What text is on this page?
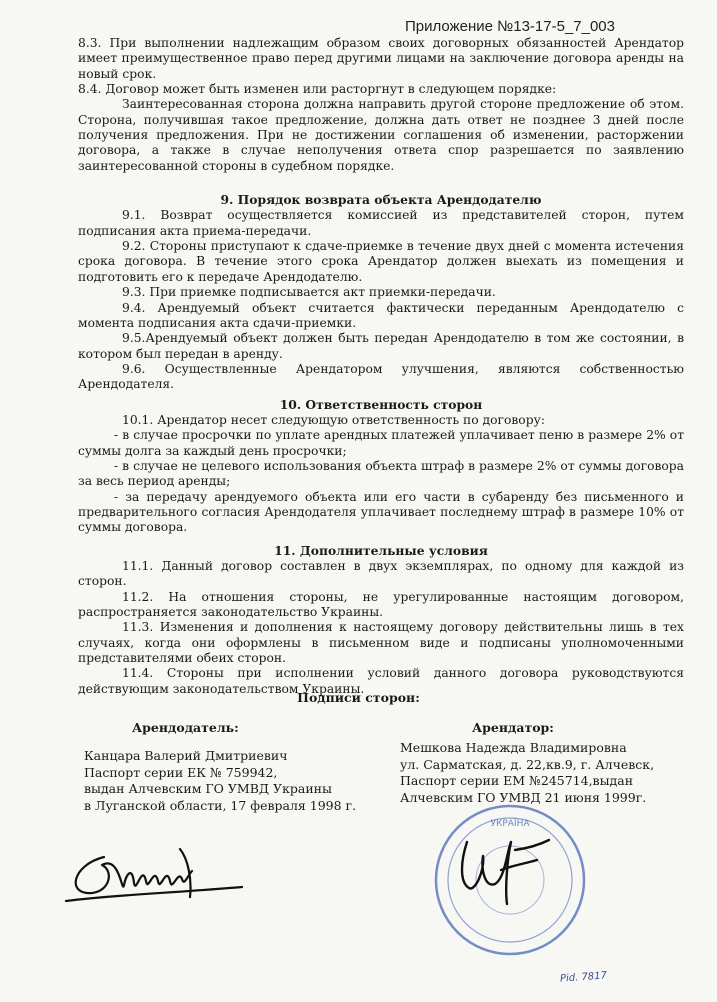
Приложение №13-17-5_7_003

8.3. При выполнении надлежащим образом своих договорных обязанностей Арендатор имеет преимущественное право перед другими лицами на заключение договора аренды на новый срок.

8.4. Договор может быть изменен или расторгнут в следующем порядке:

Заинтересованная сторона должна направить другой стороне предложение об этом. Сторона, получившая такое предложение, должна дать ответ не позднее 3 дней после получения предложения. При не достижении соглашения об изменении, расторжении договора, а также в случае неполучения ответа спор разрешается по заявлению заинтересованной стороны в судебном порядке.

9. Порядок возврата объекта Арендодателю

9.1. Возврат осуществляется комиссией из представителей сторон, путем подписания акта приема-передачи.

9.2. Стороны приступают к сдаче-приемке в течение двух дней с момента истечения срока договора. В течение этого срока Арендатор должен выехать из помещения и подготовить его к передаче Арендодателю.

9.3. При приемке подписывается акт приемки-передачи.

9.4. Арендуемый объект считается фактически переданным Арендодателю с момента подписания акта сдачи-приемки.

9.5.Арендуемый объект должен быть передан Арендодателю в том же состоянии, в котором был передан в аренду.

9.6. Осуществленные Арендатором улучшения, являются собственностью Арендодателя.

10. Ответственность сторон

10.1. Арендатор несет следующую ответственность по договору:

- в случае просрочки по уплате арендных платежей уплачивает пеню в размере 2% от суммы долга за каждый день просрочки;

- в случае не целевого использования объекта штраф в размере 2% от суммы договора за весь период аренды;

- за передачу арендуемого объекта или его части в субаренду без письменного и предварительного согласия Арендодателя уплачивает последнему штраф в размере 10% от суммы договора.

11. Дополнительные условия

11.1. Данный договор составлен в двух экземплярах, по одному для каждой из сторон.

11.2. На отношения стороны, не урегулированные настоящим договором, распространяется законодательство Украины.

11.3. Изменения и дополнения к настоящему договору действительны лишь в тех случаях, когда они оформлены в письменном виде и подписаны уполномоченными представителями обеих сторон.

11.4. Стороны при исполнении условий данного договора руководствуются действующим законодательством Украины.

Подписи сторон:
Арендодатель:	Арендатор:
Канцара Валерий Дмитриевич
Паспорт серии ЕК № 759942,
выдан Алчевским ГО УМВД Украины
в Луганской области, 17 февраля 1998 г.
Мешкова Надежда Владимировна
ул. Сарматская, д. 22,кв.9, г. Алчевск,
Паспорт серии ЕМ №245714,выдан
Алчевским ГО УМВД 21 июня 1999г.
УКРАЇНА
Pid. 7817
